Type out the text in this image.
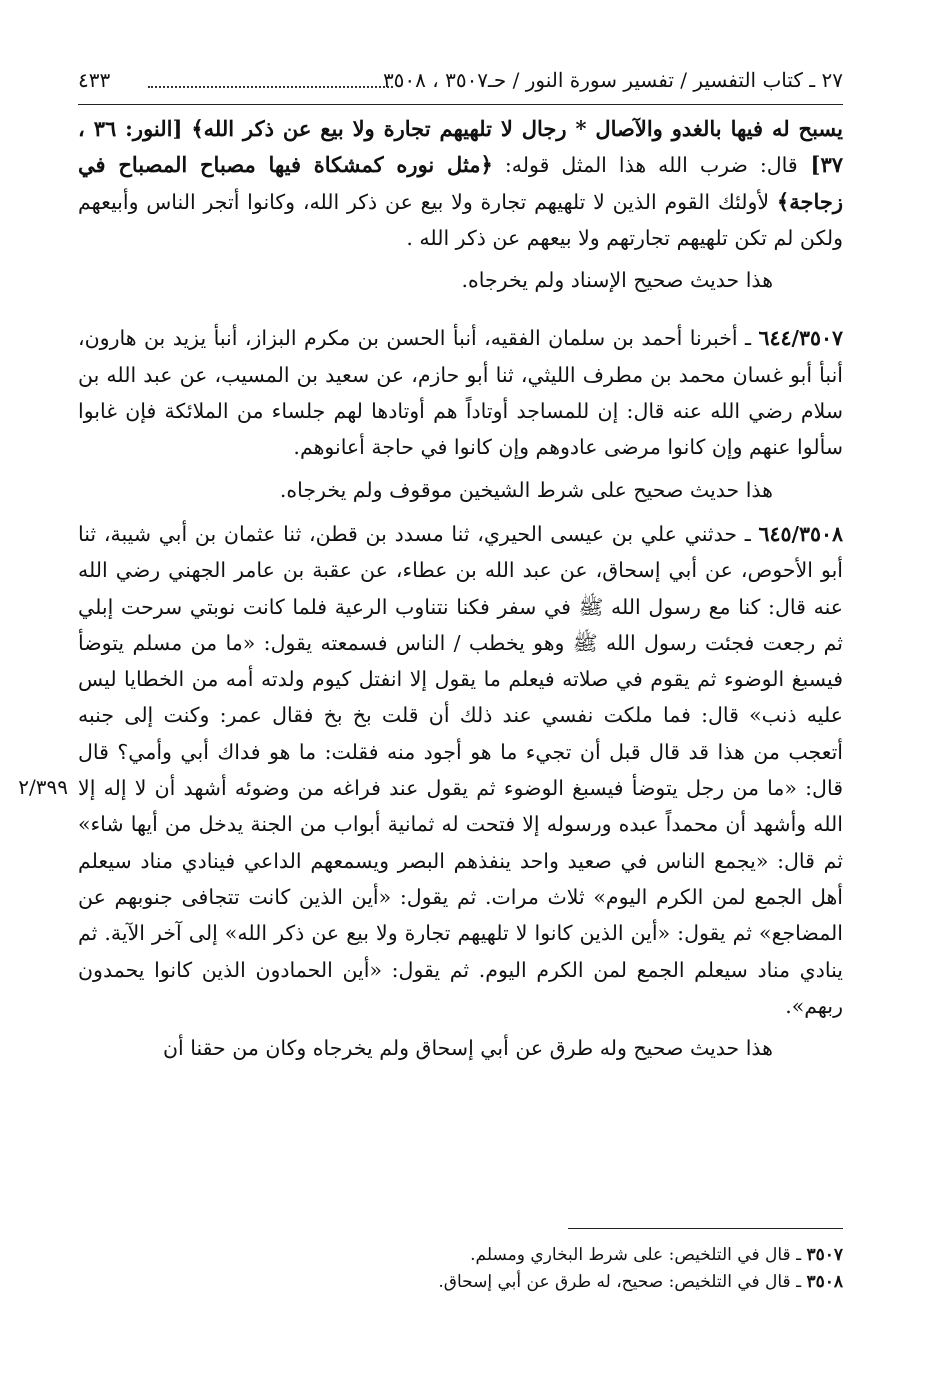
٢٧ ـ كتاب التفسير / تفسير سورة النور / حـ٣٥٠٧ ، ٣٥٠٨
٤٣٣

يسبح له فيها بالغدو والآصال * رجال لا تلهيهم تجارة ولا بيع عن ذكر الله﴾ [النور: ٣٦ ، ٣٧] قال: ضرب الله هذا المثل قوله: ﴿مثل نوره كمشكاة فيها مصباح المصباح في زجاجة﴾ لأولئك القوم الذين لا تلهيهم تجارة ولا بيع عن ذكر الله، وكانوا أتجر الناس وأبيعهم ولكن لم تكن تلهيهم تجارتهم ولا بيعهم عن ذكر الله .

هذا حديث صحيح الإسناد ولم يخرجاه.

٦٤٤/٣٥٠٧ ـ أخبرنا أحمد بن سلمان الفقيه، أنبأ الحسن بن مكرم البزاز، أنبأ يزيد بن هارون، أنبأ أبو غسان محمد بن مطرف الليثي، ثنا أبو حازم، عن سعيد بن المسيب، عن عبد الله بن سلام رضي الله عنه قال: إن للمساجد أوتاداً هم أوتادها لهم جلساء من الملائكة فإن غابوا سألوا عنهم وإن كانوا مرضى عادوهم وإن كانوا في حاجة أعانوهم.

هذا حديث صحيح على شرط الشيخين موقوف ولم يخرجاه.

٦٤٥/٣٥٠٨ ـ حدثني علي بن عيسى الحيري، ثنا مسدد بن قطن، ثنا عثمان بن أبي شيبة، ثنا أبو الأحوص، عن أبي إسحاق، عن عبد الله بن عطاء، عن عقبة بن عامر الجهني رضي الله عنه قال: كنا مع رسول الله ﷺ في سفر فكنا نتناوب الرعية فلما كانت نوبتي سرحت إبلي ثم رجعت فجئت رسول الله ﷺ وهو يخطب / الناس فسمعته يقول: «ما من مسلم يتوضأ فيسبغ الوضوء ثم يقوم في صلاته فيعلم ما يقول إلا انفتل كيوم ولدته أمه من الخطايا ليس عليه ذنب» قال: فما ملكت نفسي عند ذلك أن قلت بخ بخ فقال عمر: وكنت إلى جنبه أتعجب من هذا قد قال قبل أن تجيء ما هو أجود منه فقلت: ما هو فداك أبي وأمي؟ قال قال: «ما من رجل يتوضأ فيسبغ الوضوء ثم يقول عند فراغه من وضوئه أشهد أن لا إله إلا الله وأشهد أن محمداً عبده ورسوله إلا فتحت له ثمانية أبواب من الجنة يدخل من أيها شاء» ثم قال: «يجمع الناس في صعيد واحد ينفذهم البصر ويسمعهم الداعي فينادي مناد سيعلم أهل الجمع لمن الكرم اليوم» ثلاث مرات. ثم يقول: «أين الذين كانت تتجافى جنوبهم عن المضاجع» ثم يقول: «أين الذين كانوا لا تلهيهم تجارة ولا بيع عن ذكر الله» إلى آخر الآية. ثم ينادي مناد سيعلم الجمع لمن الكرم اليوم. ثم يقول: «أين الحمادون الذين كانوا يحمدون ربهم».

هذا حديث صحيح وله طرق عن أبي إسحاق ولم يخرجاه وكان من حقنا أن

٢/٣٩٩

٣٥٠٧ ـ قال في التلخيص: على شرط البخاري ومسلم.

٣٥٠٨ ـ قال في التلخيص: صحيح، له طرق عن أبي إسحاق.
